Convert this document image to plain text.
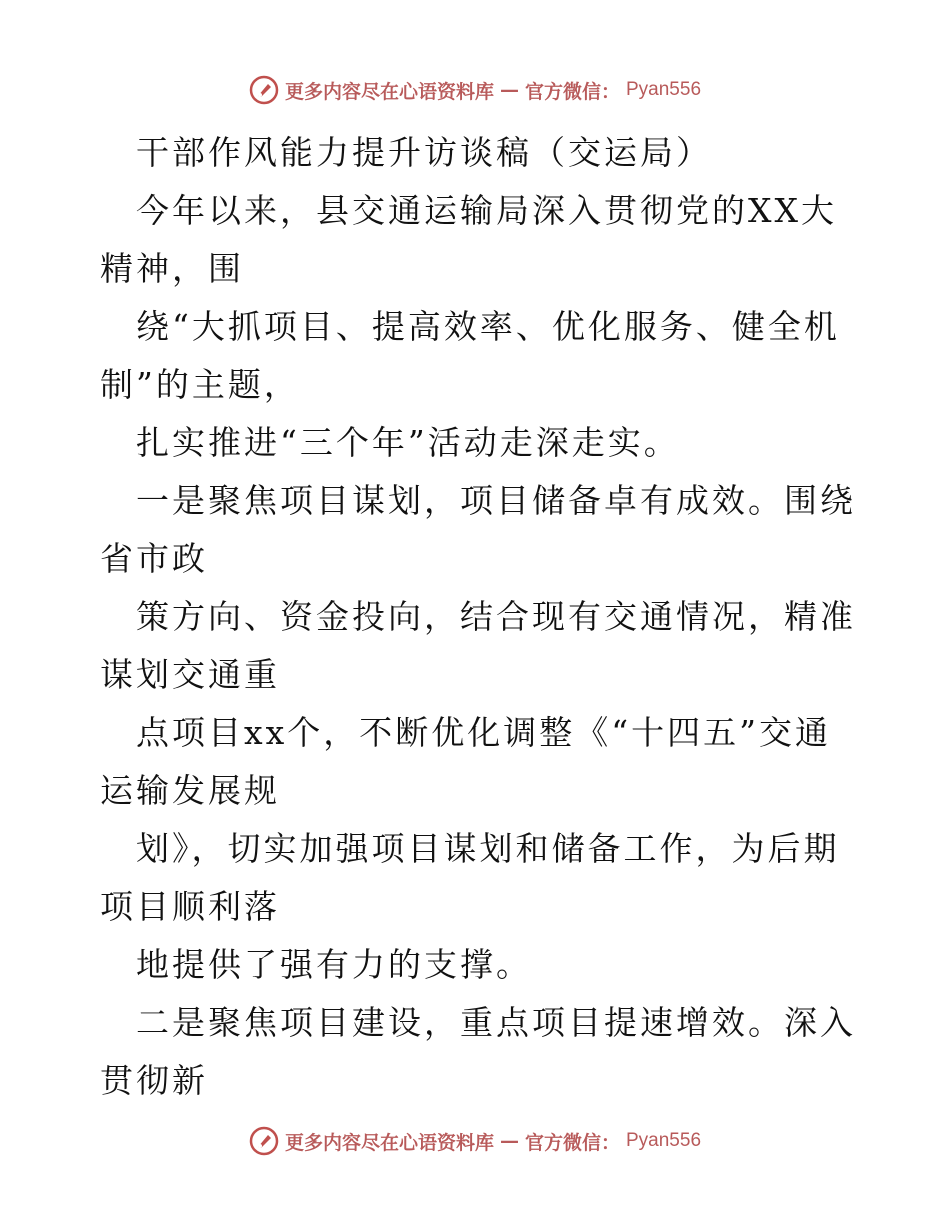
更多内容尽在心语资料库 — 官方微信： Pyan556

干部作风能力提升访谈稿（交运局）

今年以来，县交通运输局深入贯彻党的XX大精神，围

绕“大抓项目、提高效率、优化服务、健全机制”的主题，

扎实推进“三个年”活动走深走实。

一是聚焦项目谋划，项目储备卓有成效。围绕省市政

策方向、资金投向，结合现有交通情况，精准谋划交通重

点项目xx个，不断优化调整《“十四五”交通运输发展规

划》，切实加强项目谋划和储备工作，为后期项目顺利落

地提供了强有力的支撑。

二是聚焦项目建设，重点项目提速增效。深入贯彻新

更多内容尽在心语资料库 — 官方微信： Pyan556
